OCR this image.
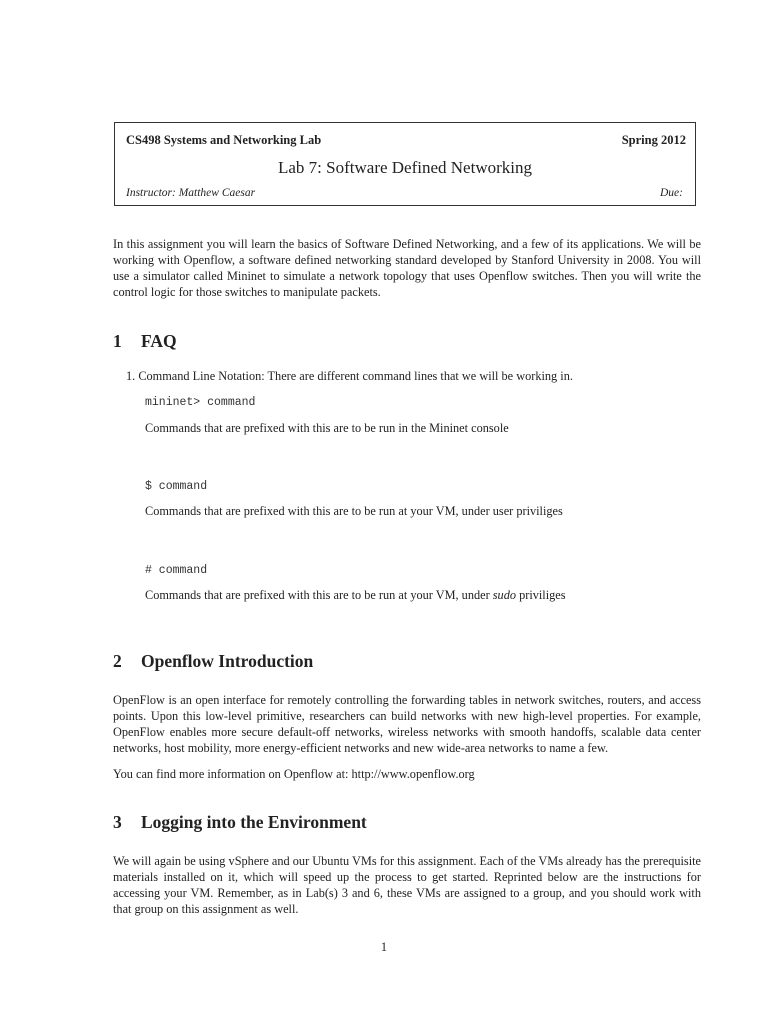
CS498 Systems and Networking Lab	Spring 2012
Lab 7: Software Defined Networking
Instructor: Matthew Caesar	Due:

In this assignment you will learn the basics of Software Defined Networking, and a few of its applications. We will be working with Openflow, a software defined networking standard developed by Stanford University in 2008. You will use a simulator called Mininet to simulate a network topology that uses Openflow switches. Then you will write the control logic for those switches to manipulate packets.

1 FAQ
1. Command Line Notation: There are different command lines that we will be working in.
mininet> command
Commands that are prefixed with this are to be run in the Mininet console
$ command
Commands that are prefixed with this are to be run at your VM, under user priviliges
# command
Commands that are prefixed with this are to be run at your VM, under sudo priviliges
2 Openflow Introduction

OpenFlow is an open interface for remotely controlling the forwarding tables in network switches, routers, and access points. Upon this low-level primitive, researchers can build networks with new high-level properties. For example, OpenFlow enables more secure default-off networks, wireless networks with smooth handoffs, scalable data center networks, host mobility, more energy-efficient networks and new wide-area networks to name a few.

You can find more information on Openflow at: http://www.openflow.org

3 Logging into the Environment

We will again be using vSphere and our Ubuntu VMs for this assignment. Each of the VMs already has the prerequisite materials installed on it, which will speed up the process to get started. Reprinted below are the instructions for accessing your VM. Remember, as in Lab(s) 3 and 6, these VMs are assigned to a group, and you should work with that group on this assignment as well.

1
